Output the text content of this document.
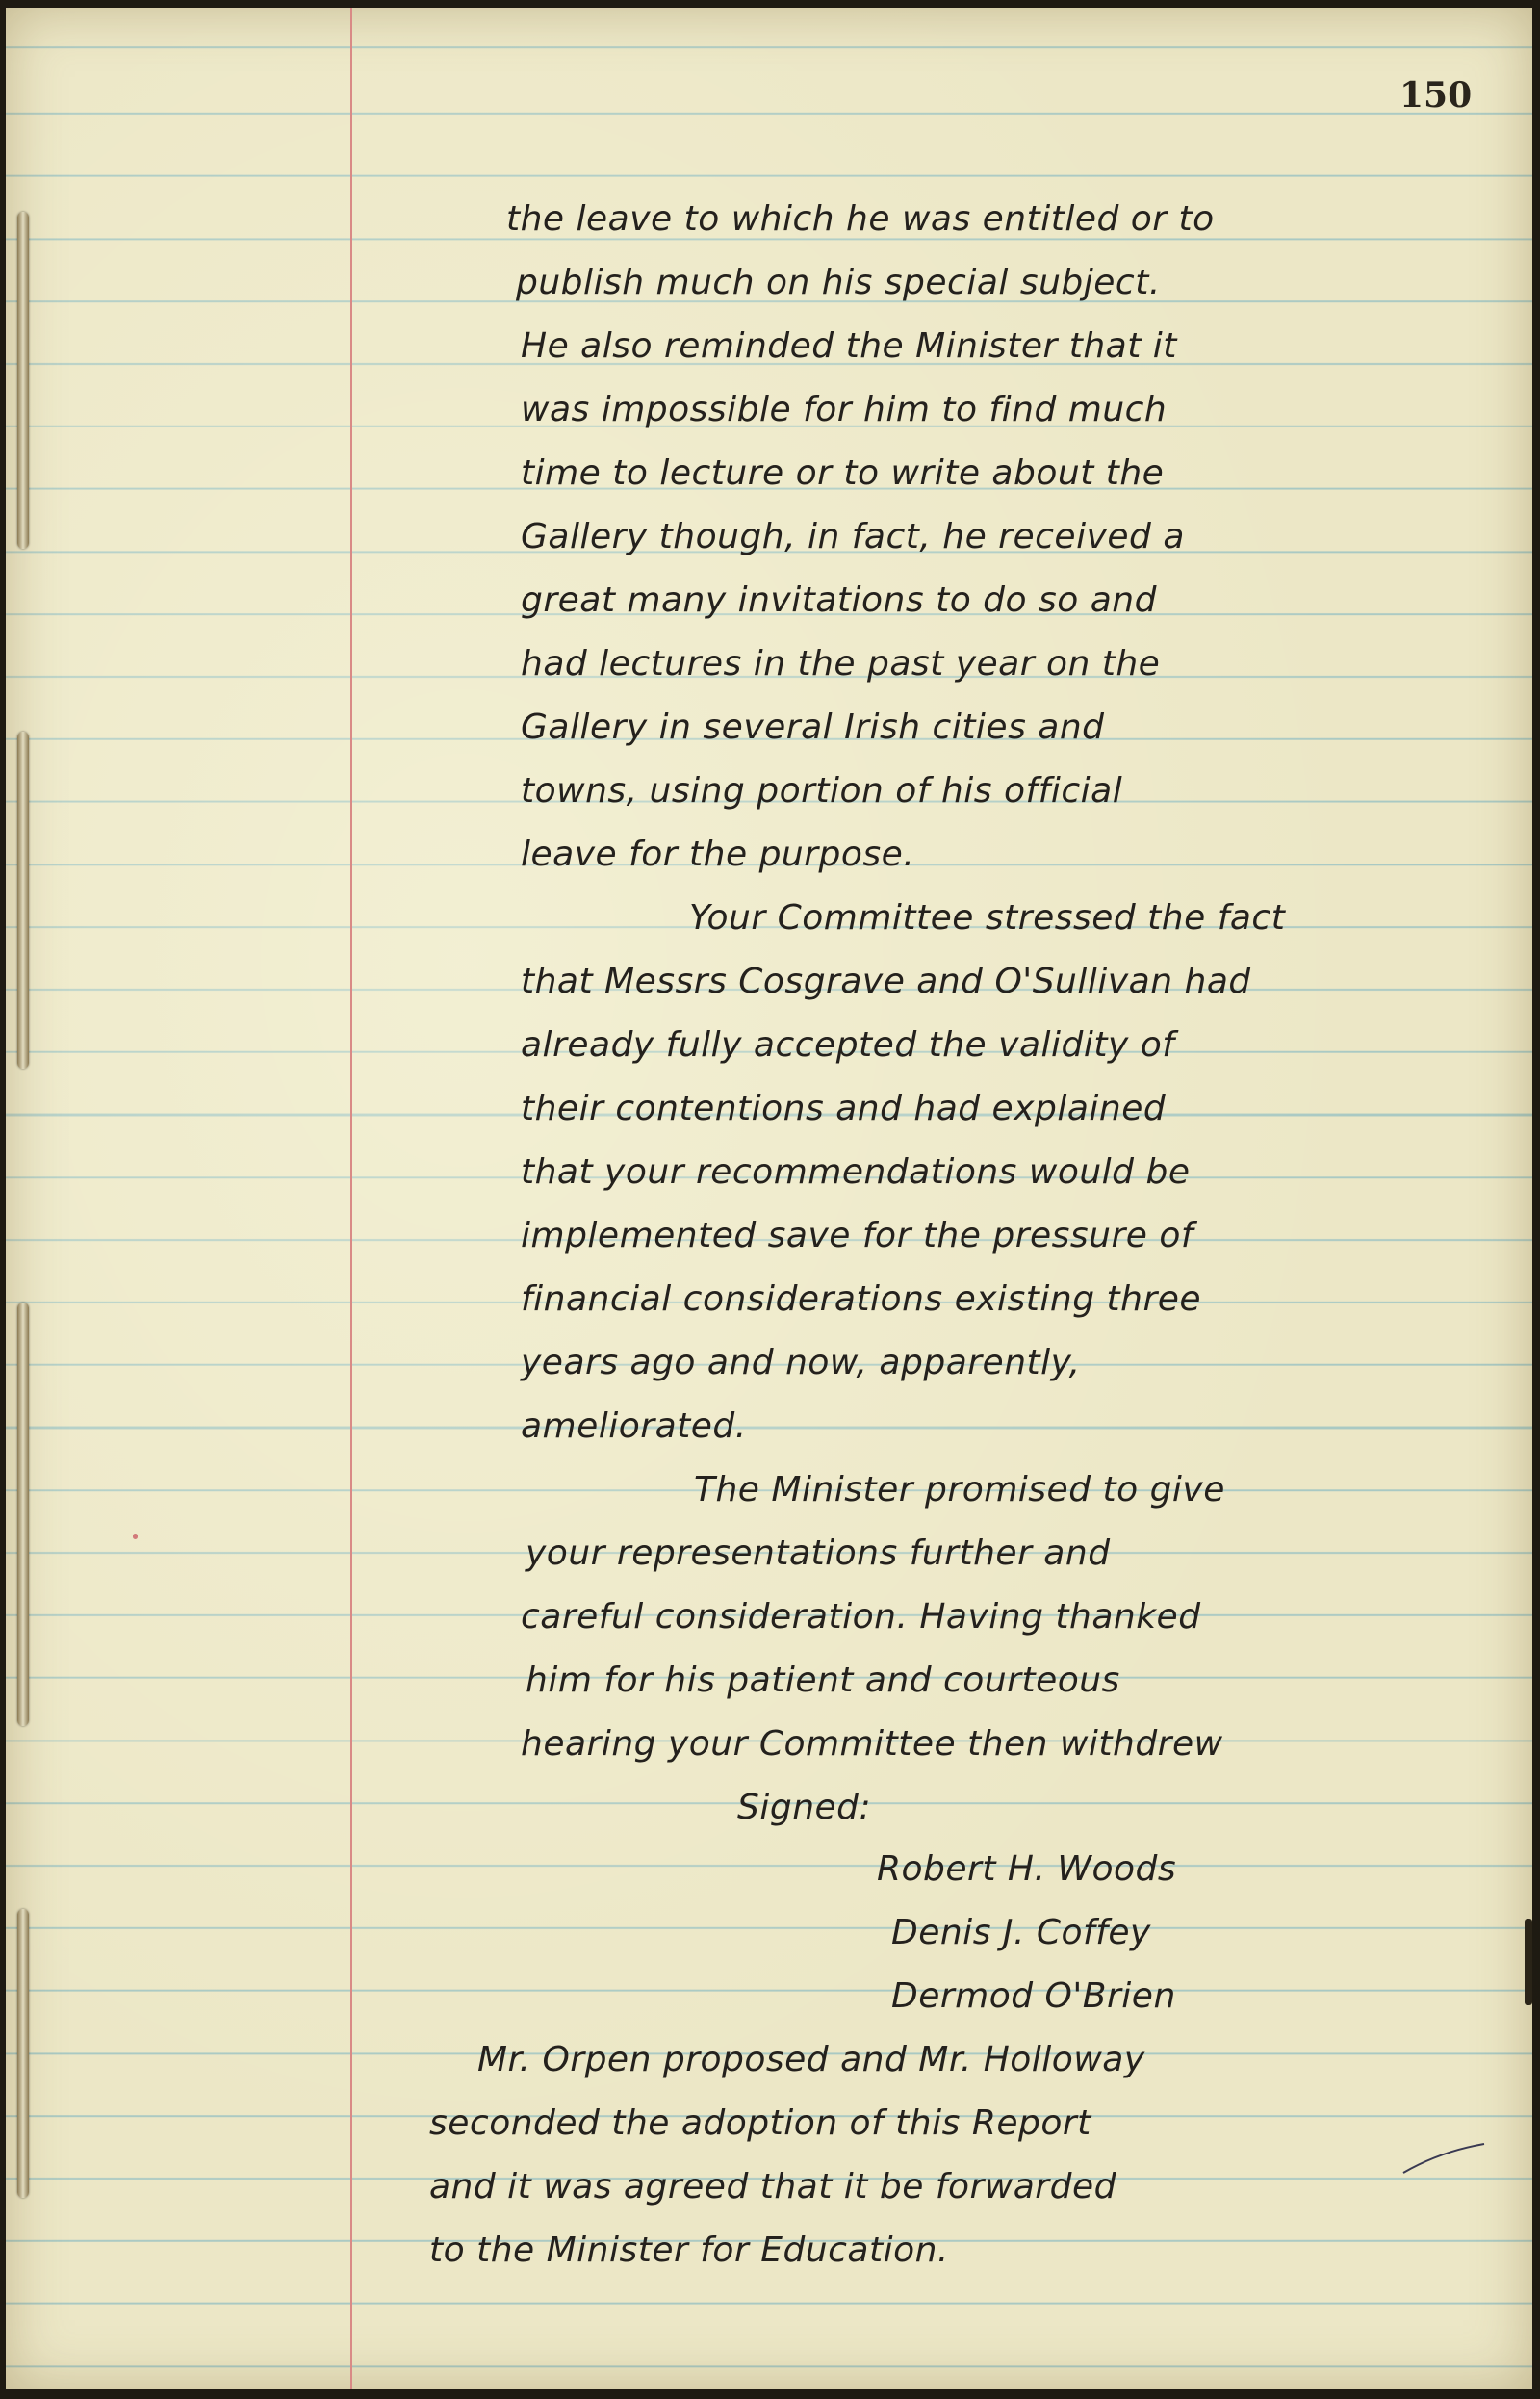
150
the leave to which he was entitled or to
publish much on his special subject.
He also reminded the Minister that it
was impossible for him to find much
time to lecture or to write about the
Gallery though, in fact, he received a
great many invitations to do so and
had lectures in the past year on the
Gallery in several Irish cities and
towns, using portion of his official
leave for the purpose.
Your Committee stressed the fact
that Messrs Cosgrave and O'Sullivan had
already fully accepted the validity of
their contentions and had explained
that your recommendations would be
implemented save for the pressure of
financial considerations existing three
years ago and now, apparently,
ameliorated.
The Minister promised to give
your representations further and
careful consideration. Having thanked
him for his patient and courteous
hearing your Committee then withdrew
Signed:
Robert H. Woods
Denis J. Coffey
Dermod O'Brien
Mr. Orpen proposed and Mr. Holloway
seconded the adoption of this Report
and it was agreed that it be forwarded
to the Minister for Education.
